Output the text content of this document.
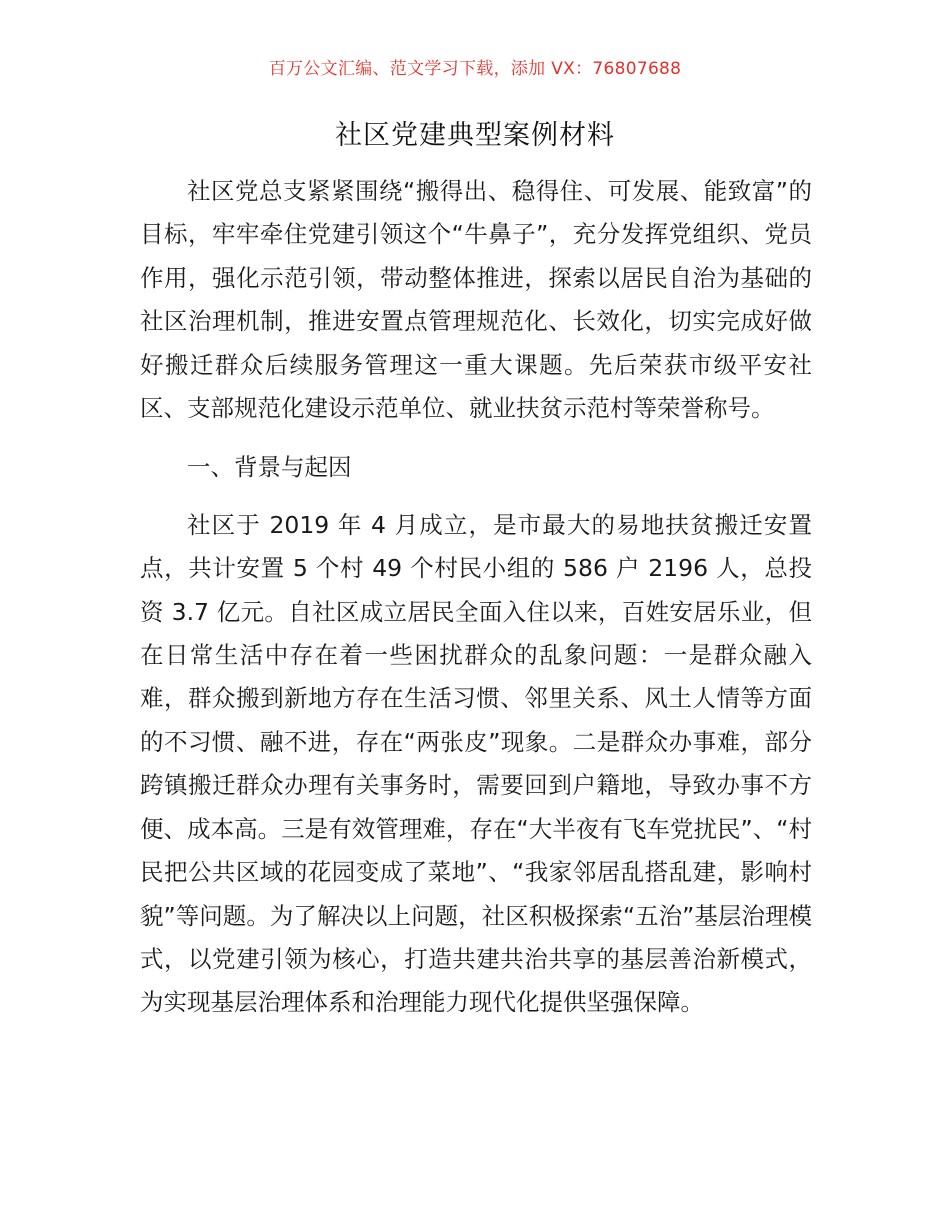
百万公文汇编、范文学习下载，添加 VX：76807688
社区党建典型案例材料

社区党总支紧紧围绕“搬得出、稳得住、可发展、能致富”的目标，牢牢牵住党建引领这个“牛鼻子”，充分发挥党组织、党员作用，强化示范引领，带动整体推进，探索以居民自治为基础的社区治理机制，推进安置点管理规范化、长效化，切实完成好做好搬迁群众后续服务管理这一重大课题。先后荣获市级平安社区、支部规范化建设示范单位、就业扶贫示范村等荣誉称号。

一、背景与起因

社区于 2019 年 4 月成立，是市最大的易地扶贫搬迁安置点，共计安置 5 个村 49 个村民小组的 586 户 2196 人，总投资 3.7 亿元。自社区成立居民全面入住以来，百姓安居乐业，但在日常生活中存在着一些困扰群众的乱象问题：一是群众融入难，群众搬到新地方存在生活习惯、邻里关系、风土人情等方面的不习惯、融不进，存在“两张皮”现象。二是群众办事难，部分跨镇搬迁群众办理有关事务时，需要回到户籍地，导致办事不方便、成本高。三是有效管理难，存在“大半夜有飞车党扰民”、“村民把公共区域的花园变成了菜地”、“我家邻居乱搭乱建，影响村貌”等问题。为了解决以上问题，社区积极探索“五治”基层治理模式，以党建引领为核心，打造共建共治共享的基层善治新模式，为实现基层治理体系和治理能力现代化提供坚强保障。
